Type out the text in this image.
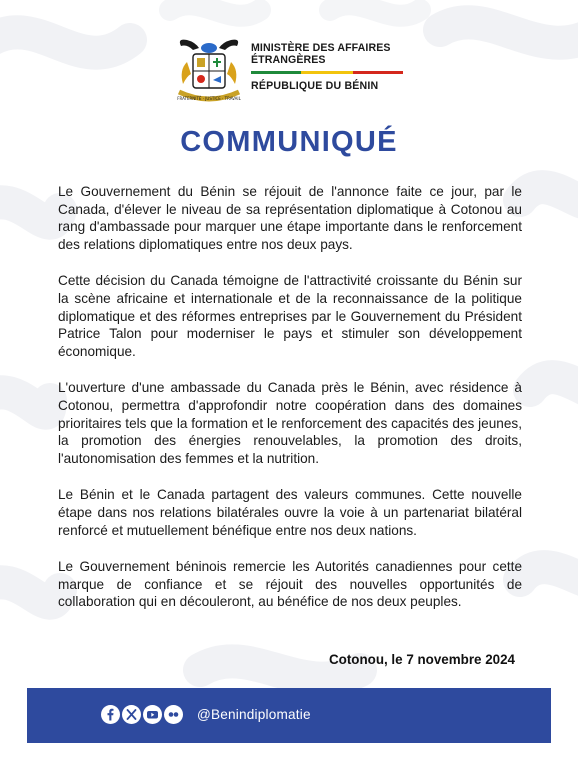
FRATERNITÉ · JUSTICE · TRAVAIL
MINISTÈRE DES AFFAIRES ÉTRANGÈRES
RÉPUBLIQUE DU BÉNIN
COMMUNIQUÉ

Le Gouvernement du Bénin se réjouit de l'annonce faite ce jour, par le Canada, d'élever le niveau de sa représentation diplomatique à Cotonou au rang d'ambassade pour marquer une étape importante dans le renforcement des relations diplomatiques entre nos deux pays.

Cette décision du Canada témoigne de l'attractivité croissante du Bénin sur la scène africaine et internationale et de la reconnaissance de la politique diplomatique et des réformes entreprises par le Gouvernement du Président Patrice Talon pour moderniser le pays et stimuler son développement économique.

L'ouverture d'une ambassade du Canada près le Bénin, avec résidence à Cotonou, permettra d'approfondir notre coopération dans des domaines prioritaires tels que la formation et le renforcement des capacités des jeunes, la promotion des énergies renouvelables, la promotion des droits, l'autonomisation des femmes et la nutrition.

Le Bénin et le Canada partagent des valeurs communes. Cette nouvelle étape dans nos relations bilatérales ouvre la voie à un partenariat bilatéral renforcé et mutuellement bénéfique entre nos deux nations.

Le Gouvernement béninois remercie les Autorités canadiennes pour cette marque de confiance et se réjouit des nouvelles opportunités de collaboration qui en découleront, au bénéfice de nos deux peuples.

Cotonou, le 7 novembre 2024
@Benindiplomatie
